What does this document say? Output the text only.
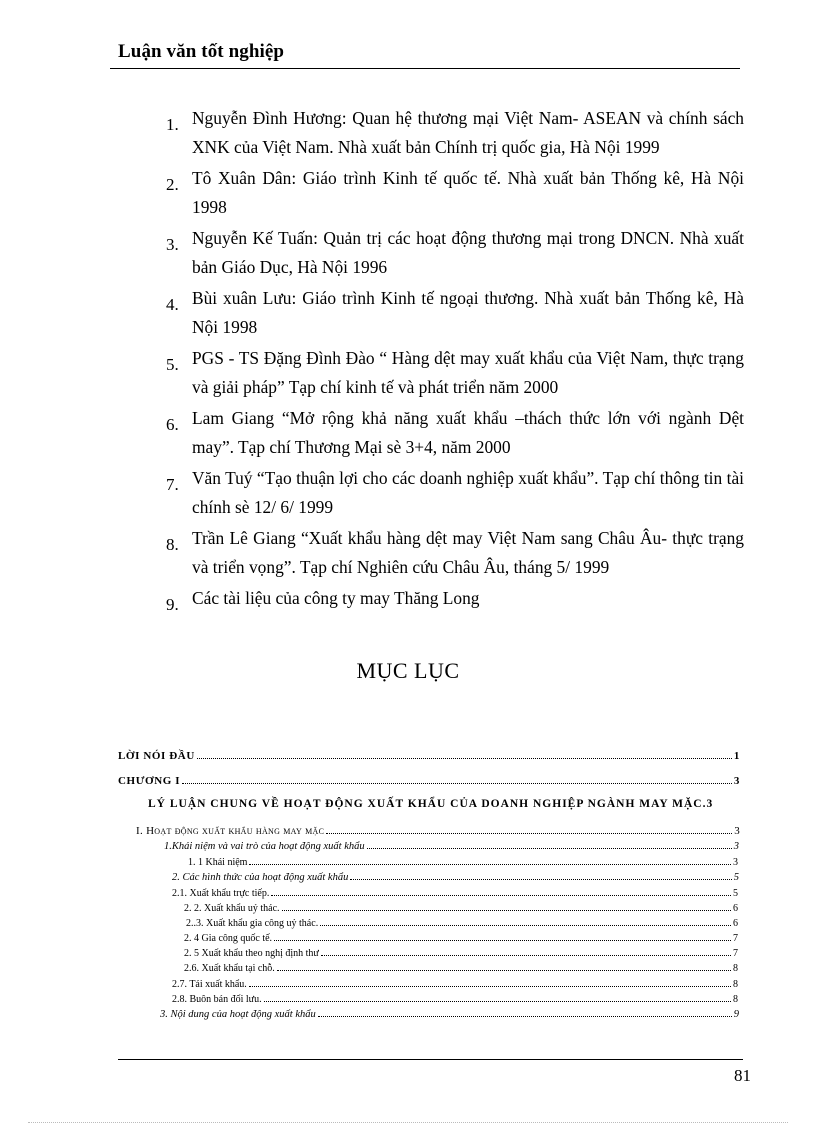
Luận văn tốt nghiệp
1. Nguyễn Đình Hương: Quan hệ thương mại Việt Nam- ASEAN và chính sách XNK của Việt Nam. Nhà xuất bản Chính trị quốc gia, Hà Nội 1999
2. Tô Xuân Dân: Giáo trình Kinh tế quốc tế. Nhà xuất bản Thống kê, Hà Nội 1998
3. Nguyễn Kế Tuấn: Quản trị các hoạt động thương mại trong DNCN. Nhà xuất bản Giáo Dục, Hà Nội 1996
4. Bùi xuân Lưu: Giáo trình Kinh tế ngoại thương. Nhà xuất bản Thống kê, Hà Nội 1998
5. PGS - TS Đặng Đình Đào “ Hàng dệt may xuất khẩu của Việt Nam, thực trạng và giải pháp” Tạp chí kinh tế và phát triển năm 2000
6. Lam Giang “Mở rộng khả năng xuất khẩu –thách thức lớn với ngành Dệt may”. Tạp chí Thương Mại sè 3+4, năm 2000
7. Văn Tuý “Tạo thuận lợi cho các doanh nghiệp xuất khẩu”. Tạp chí thông tin tài chính sè 12/ 6/ 1999
8. Trần Lê Giang “Xuất khẩu hàng dệt may Việt Nam sang Châu Âu- thực trạng và triển vọng”. Tạp chí Nghiên cứu Châu Âu, tháng 5/ 1999
9. Các tài liệu của công ty may Thăng Long
MỤC LỤC
LỜI NÓI ĐẦU	1
CHƯƠNG I	3
LÝ LUẬN CHUNG VỀ HOẠT ĐỘNG XUẤT KHẨU CỦA DOANH NGHIỆP NGÀNH MAY MẶC .3
I. Hoạt động xuất khẩu hàng may mặc	3
1.Khái niệm và vai trò của hoạt động xuất khẩu	3
1. 1 Khái niệm	3
2. Các hình thức của hoạt động xuất khẩu	5
2.1. Xuất khẩu trực tiếp.	5
2. 2. Xuất khẩu uỷ thác.	6
2..3. Xuất khẩu gia công uỷ thác.	6
2. 4 Gia công quốc tế.	7
2. 5 Xuất khẩu theo nghị định thư	7
2.6. Xuất khẩu tại chỗ.	8
2.7. Tái xuất khẩu.	8
2.8. Buôn bán đối lưu.	8
3. Nội dung của hoạt động xuất khẩu	9
81
